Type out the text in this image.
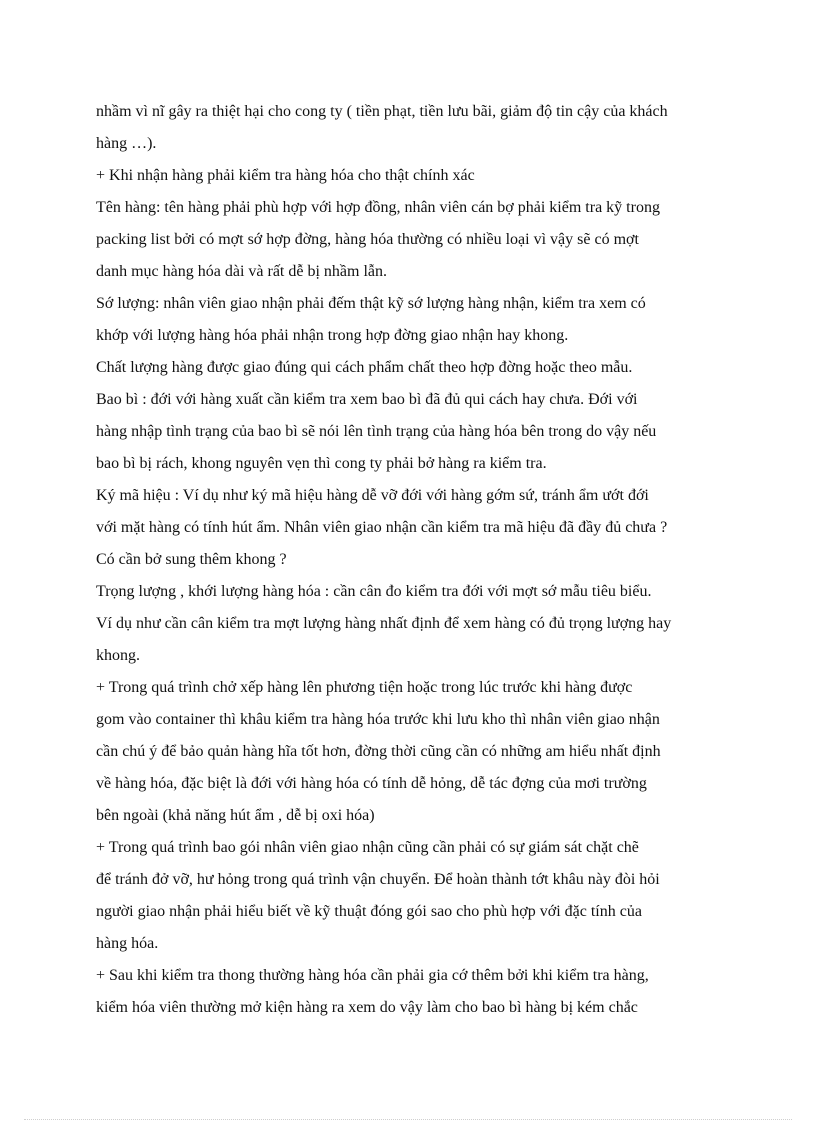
nhầm vì nĩ gây ra thiệt hại cho cong ty ( tiền phạt, tiền lưu bãi, giảm độ tin cậy của khách
hàng …).
+ Khi nhận hàng phải kiểm tra hàng hóa cho thật chính xác
Tên hàng: tên hàng phải phù hợp với hợp đồng, nhân viên cán bợ phải kiểm tra kỹ trong
packing list bởi có mợt sớ hợp đờng, hàng hóa thường có nhiều loại vì vậy sẽ có mợt
danh mục hàng hóa dài và rất dễ bị nhầm lẫn.
Sớ lượng: nhân viên giao nhận phải đếm thật kỹ sớ lượng hàng nhận, kiểm tra xem có
khớp với lượng hàng hóa phải nhận trong hợp đờng giao nhận hay khong.
Chất lượng hàng được giao đúng qui cách phẩm chất theo hợp đờng hoặc theo mẫu.
Bao bì : đới với hàng xuất cần kiểm tra xem bao bì đã đủ qui cách hay chưa. Đới với
hàng nhập tình trạng của bao bì sẽ nói lên tình trạng của hàng hóa bên trong do vậy nếu
bao bì bị rách, khong nguyên vẹn thì cong ty phải bở hàng ra kiểm tra.
Ký mã hiệu : Ví dụ như ký mã hiệu hàng dễ vỡ đới với hàng gớm sứ, tránh ẩm ướt đới
với mặt hàng có tính hút ẩm. Nhân viên giao nhận cần kiểm tra mã hiệu đã đầy đủ chưa ?
Có cần bở sung thêm khong ?
Trọng lượng , khới lượng hàng hóa : cần cân đo kiểm tra đới với mợt sớ mẫu tiêu biểu.
Ví dụ như cần cân kiểm tra mợt lượng hàng nhất định để xem hàng có đủ trọng lượng hay
khong.
+ Trong quá trình chở xếp hàng lên phương tiện hoặc trong lúc trước khi hàng được
gom vào container thì khâu kiểm tra hàng hóa trước khi lưu kho thì nhân viên giao nhận
cần chú ý để bảo quản hàng hĩa tốt hơn, đờng thời cũng cần có những am hiểu nhất định
về hàng hóa, đặc biệt là đới với hàng hóa có tính dễ hỏng, dễ tác đợng của mơi trường
bên ngoài (khả năng hút ẩm , dễ bị oxi hóa)
+ Trong quá trình bao gói nhân viên giao nhận cũng cần phải có sự giám sát chặt chẽ
để tránh đở vỡ, hư hỏng trong quá trình vận chuyển. Để hoàn thành tớt khâu này đòi hỏi
người giao nhận phải hiểu biết về kỹ thuật đóng gói sao cho phù hợp với đặc tính của
hàng hóa.
+ Sau khi kiểm tra thong thường hàng hóa cần phải gia cớ thêm bởi khi kiểm tra hàng,
kiểm hóa viên thường mở kiện hàng ra xem do vậy làm cho bao bì hàng bị kém chắc
